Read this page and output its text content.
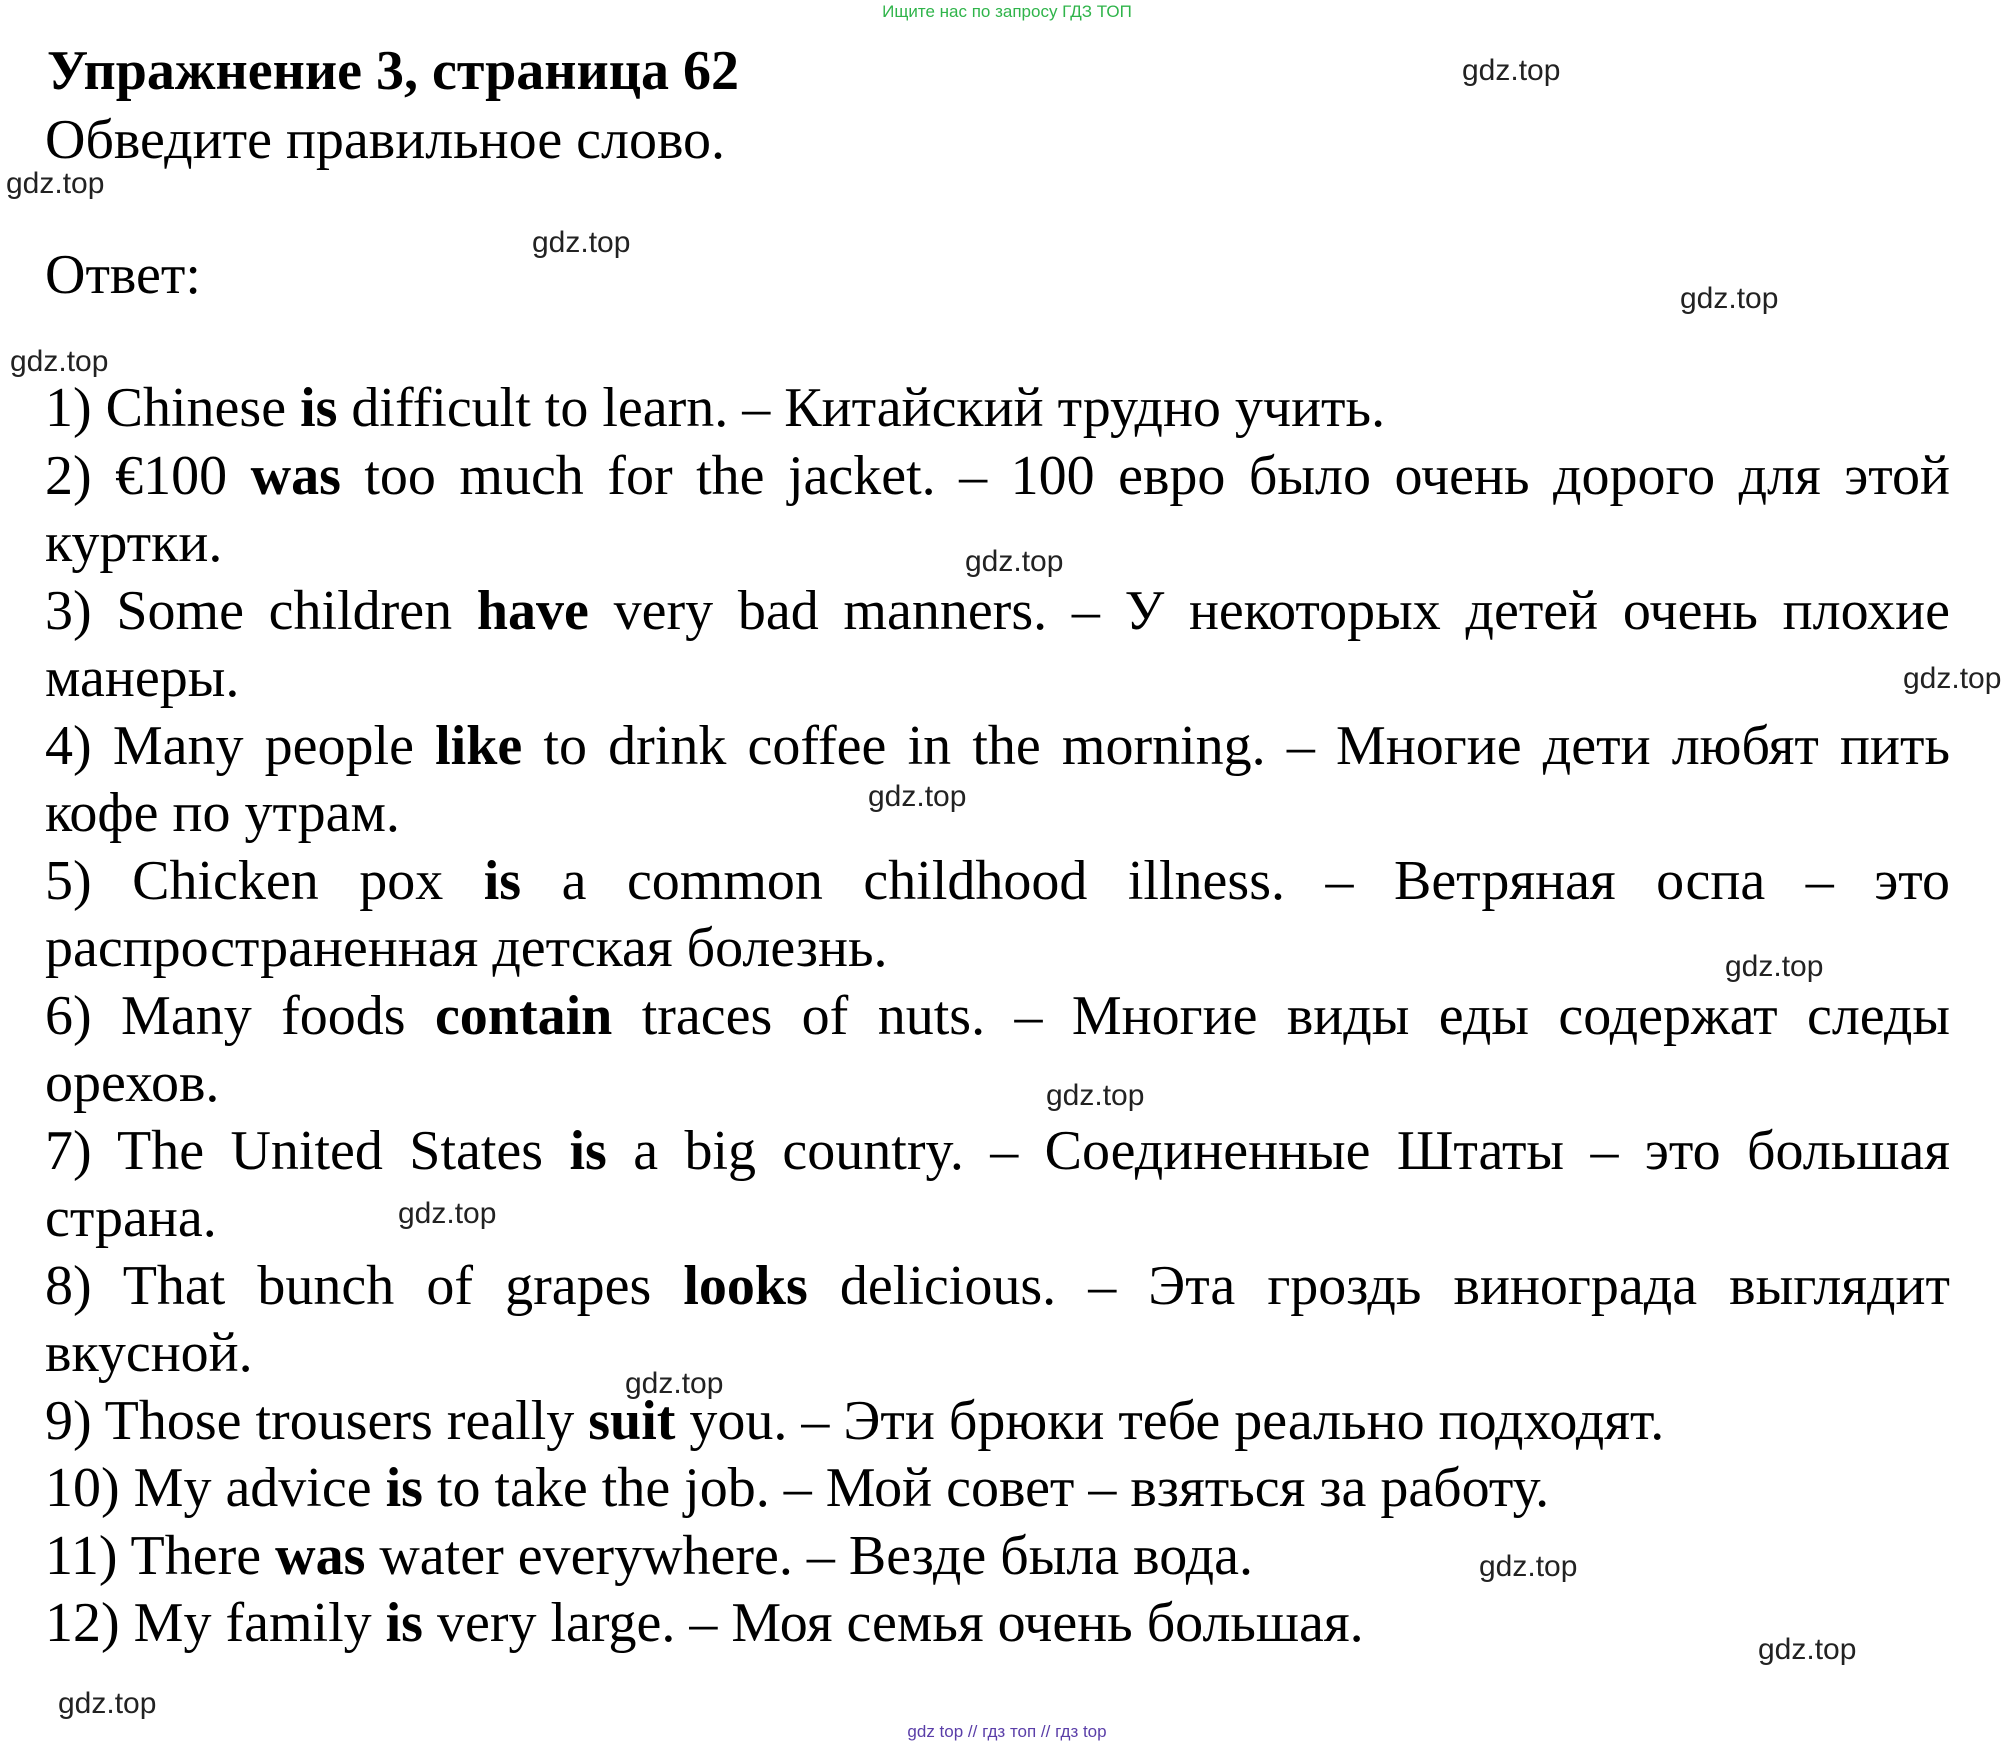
Ищите нас по запросу ГДЗ ТОП
Упражнение 3, страница 62
Обведите правильное слово.
Ответ:
1) Chinese is difficult to learn. – Китайский трудно учить.
2) €100 was too much for the jacket. – 100 евро было очень дорого для этой куртки.
3) Some children have very bad manners. – У некоторых детей очень плохие манеры.
4) Many people like to drink coffee in the morning. – Многие дети любят пить кофе по утрам.
5) Chicken pox is a common childhood illness. – Ветряная оспа – это распространенная детская болезнь.
6) Many foods contain traces of nuts. – Многие виды еды содержат следы орехов.
7) The United States is a big country. – Соединенные Штаты – это большая страна.
8) That bunch of grapes looks delicious. – Эта гроздь винограда выглядит вкусной.
9) Those trousers really suit you. – Эти брюки тебе реально подходят.
10) My advice is to take the job. – Мой совет – взяться за работу.
11) There was water everywhere. – Везде была вода.
12) My family is very large. – Моя семья очень большая.
gdz.top
gdz.top
gdz.top
gdz.top
gdz.top
gdz.top
gdz.top
gdz.top
gdz.top
gdz.top
gdz.top
gdz.top
gdz.top
gdz.top
gdz.top
gdz top // гдз топ // гдз top
